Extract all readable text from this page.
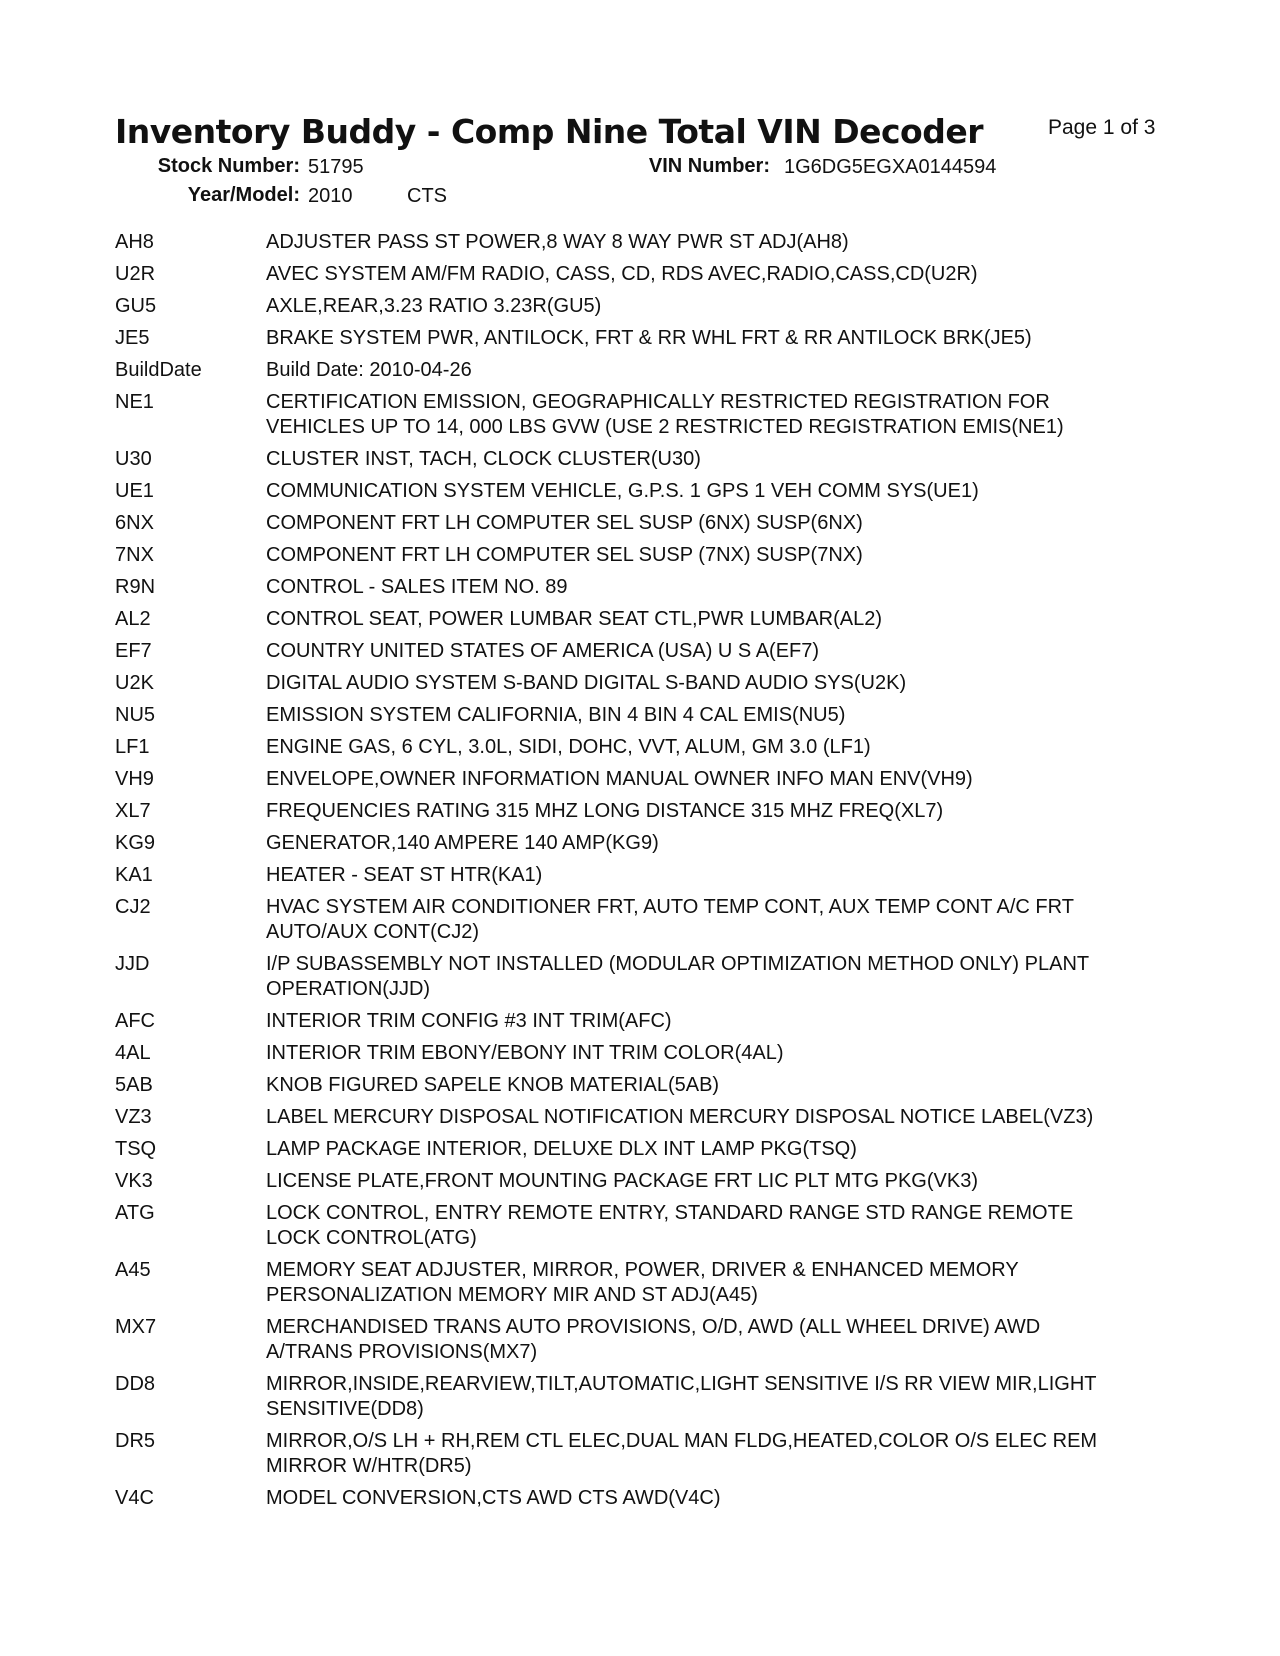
Inventory Buddy - Comp Nine Total VIN Decoder	Page 1 of 3
Stock Number: 51795	VIN Number: 1G6DG5EGXA0144594
Year/Model: 2010	CTS
AH8	ADJUSTER PASS ST POWER,8 WAY 8 WAY PWR ST ADJ(AH8)
U2R	AVEC SYSTEM AM/FM RADIO, CASS, CD, RDS AVEC,RADIO,CASS,CD(U2R)
GU5	AXLE,REAR,3.23 RATIO 3.23R(GU5)
JE5	BRAKE SYSTEM PWR, ANTILOCK, FRT & RR WHL FRT & RR ANTILOCK BRK(JE5)
BuildDate	Build Date: 2010-04-26
NE1	CERTIFICATION EMISSION, GEOGRAPHICALLY RESTRICTED REGISTRATION FOR
VEHICLES UP TO 14, 000 LBS GVW (USE 2 RESTRICTED REGISTRATION EMIS(NE1)
U30	CLUSTER INST, TACH, CLOCK CLUSTER(U30)
UE1	COMMUNICATION SYSTEM VEHICLE, G.P.S. 1 GPS 1 VEH COMM SYS(UE1)
6NX	COMPONENT FRT LH COMPUTER SEL SUSP (6NX) SUSP(6NX)
7NX	COMPONENT FRT LH COMPUTER SEL SUSP (7NX) SUSP(7NX)
R9N	CONTROL - SALES ITEM NO. 89
AL2	CONTROL SEAT, POWER LUMBAR SEAT CTL,PWR LUMBAR(AL2)
EF7	COUNTRY UNITED STATES OF AMERICA (USA) U S A(EF7)
U2K	DIGITAL AUDIO SYSTEM S-BAND DIGITAL S-BAND AUDIO SYS(U2K)
NU5	EMISSION SYSTEM CALIFORNIA, BIN 4 BIN 4 CAL EMIS(NU5)
LF1	ENGINE GAS, 6 CYL, 3.0L, SIDI, DOHC, VVT, ALUM, GM 3.0 (LF1)
VH9	ENVELOPE,OWNER INFORMATION MANUAL OWNER INFO MAN ENV(VH9)
XL7	FREQUENCIES RATING 315 MHZ LONG DISTANCE 315 MHZ FREQ(XL7)
KG9	GENERATOR,140 AMPERE 140 AMP(KG9)
KA1	HEATER - SEAT ST HTR(KA1)
CJ2	HVAC SYSTEM AIR CONDITIONER FRT, AUTO TEMP CONT, AUX TEMP CONT A/C FRT
AUTO/AUX CONT(CJ2)
JJD	I/P SUBASSEMBLY NOT INSTALLED (MODULAR OPTIMIZATION METHOD ONLY) PLANT
OPERATION(JJD)
AFC	INTERIOR TRIM CONFIG #3 INT TRIM(AFC)
4AL	INTERIOR TRIM EBONY/EBONY INT TRIM COLOR(4AL)
5AB	KNOB FIGURED SAPELE KNOB MATERIAL(5AB)
VZ3	LABEL MERCURY DISPOSAL NOTIFICATION MERCURY DISPOSAL NOTICE LABEL(VZ3)
TSQ	LAMP PACKAGE INTERIOR, DELUXE DLX INT LAMP PKG(TSQ)
VK3	LICENSE PLATE,FRONT MOUNTING PACKAGE FRT LIC PLT MTG PKG(VK3)
ATG	LOCK CONTROL, ENTRY REMOTE ENTRY, STANDARD RANGE STD RANGE REMOTE
LOCK CONTROL(ATG)
A45	MEMORY SEAT ADJUSTER, MIRROR, POWER, DRIVER & ENHANCED MEMORY
PERSONALIZATION MEMORY MIR AND ST ADJ(A45)
MX7	MERCHANDISED TRANS AUTO PROVISIONS, O/D, AWD (ALL WHEEL DRIVE) AWD
A/TRANS PROVISIONS(MX7)
DD8	MIRROR,INSIDE,REARVIEW,TILT,AUTOMATIC,LIGHT SENSITIVE I/S RR VIEW MIR,LIGHT
SENSITIVE(DD8)
DR5	MIRROR,O/S LH + RH,REM CTL ELEC,DUAL MAN FLDG,HEATED,COLOR O/S ELEC REM
MIRROR W/HTR(DR5)
V4C	MODEL CONVERSION,CTS AWD CTS AWD(V4C)
